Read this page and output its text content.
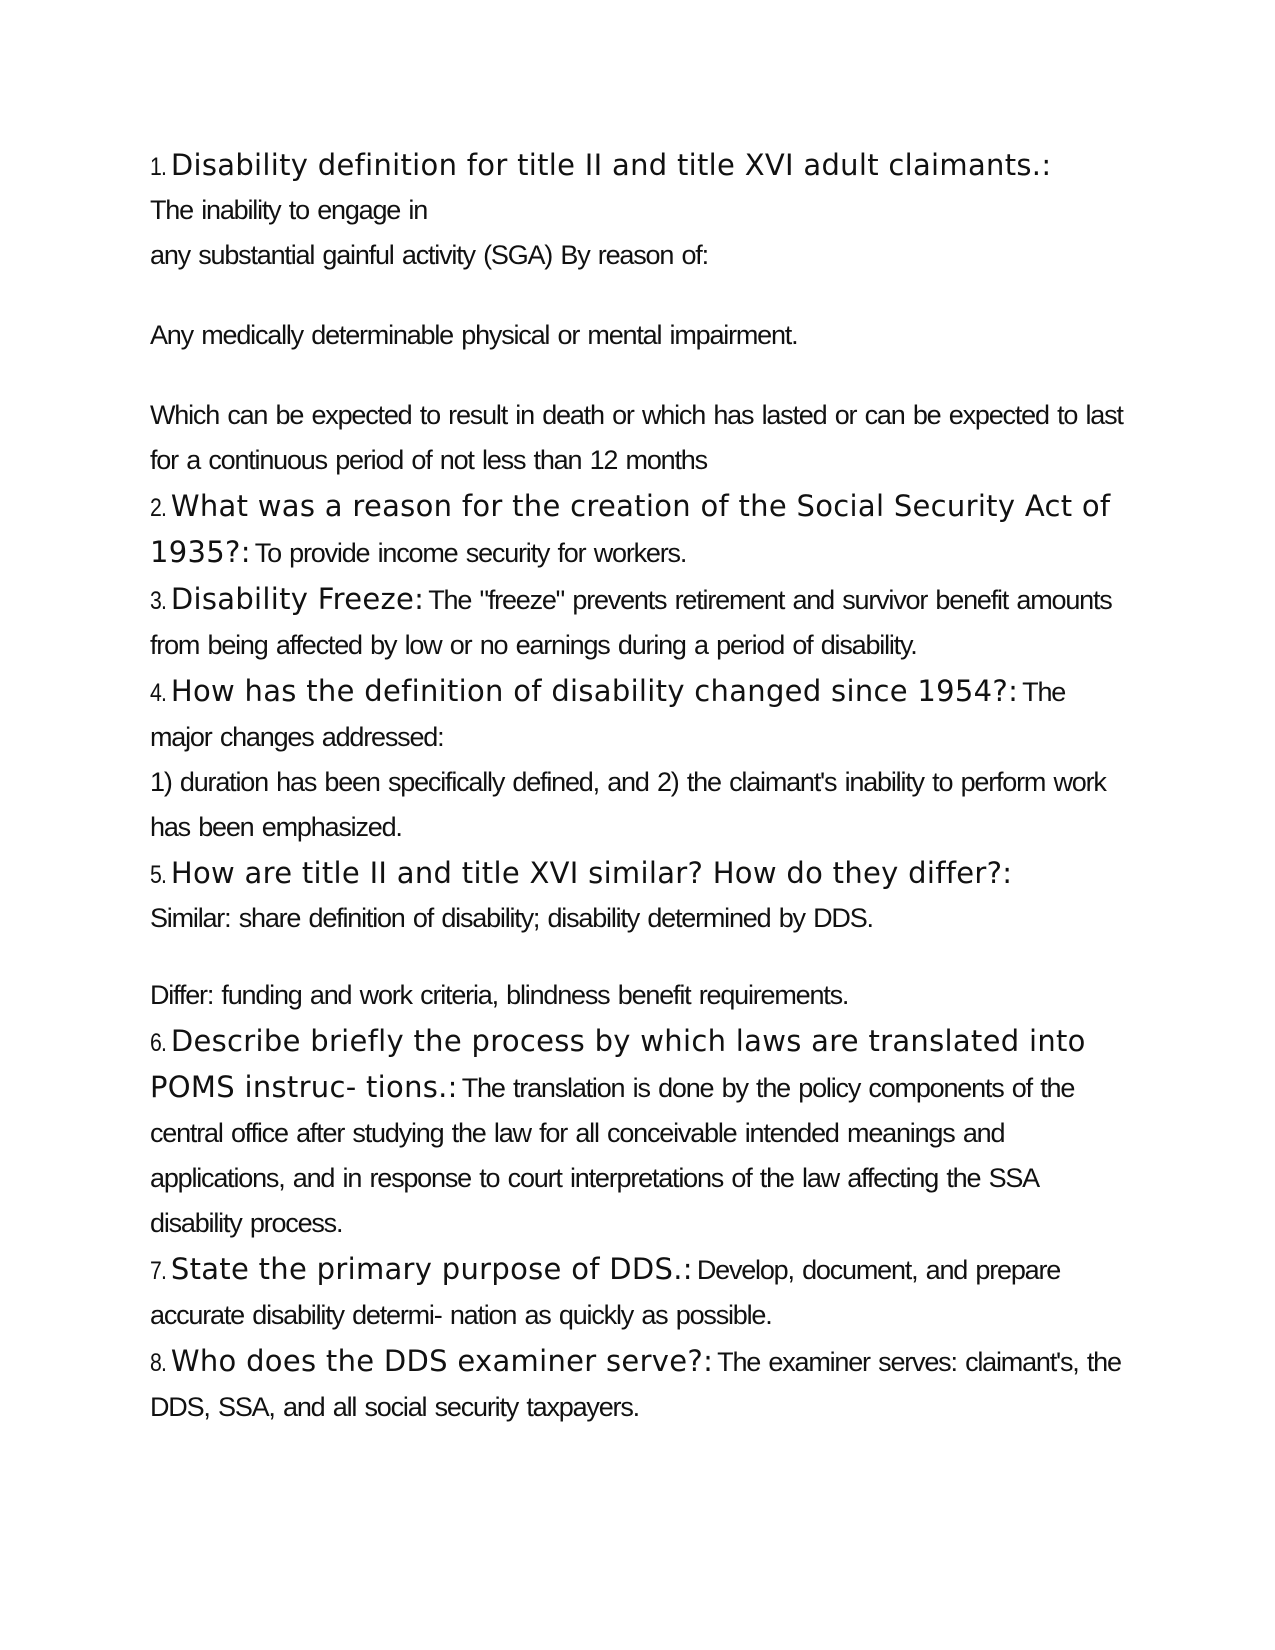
1. Disability definition for title II and title XVI adult claimants.:
The inability to engage in
any substantial gainful activity (SGA) By reason of:
Any medically determinable physical or mental impairment.
Which can be expected to result in death or which has lasted or can be expected to last for a continuous period of not less than 12 months
2. What was a reason for the creation of the Social Security Act of 1935?: To provide income security for workers.
3. Disability Freeze: The "freeze" prevents retirement and survivor benefit amounts from being affected by low or no earnings during a period of disability.
4. How has the definition of disability changed since 1954?: The major changes addressed:
1) duration has been specifically defined, and 2) the claimant's inability to perform work has been emphasized.
5. How are title II and title XVI similar? How do they differ?:
Similar: share definition of disability; disability determined by DDS.
Differ: funding and work criteria, blindness benefit requirements.
6. Describe briefly the process by which laws are translated into POMS instruc- tions.: The translation is done by the policy components of the central office after studying the law for all conceivable intended meanings and applications, and in response to court interpretations of the law affecting the SSA disability process.
7. State the primary purpose of DDS.: Develop, document, and prepare accurate disability determi- nation as quickly as possible.
8. Who does the DDS examiner serve?: The examiner serves: claimant's, the DDS, SSA, and all social security taxpayers.
